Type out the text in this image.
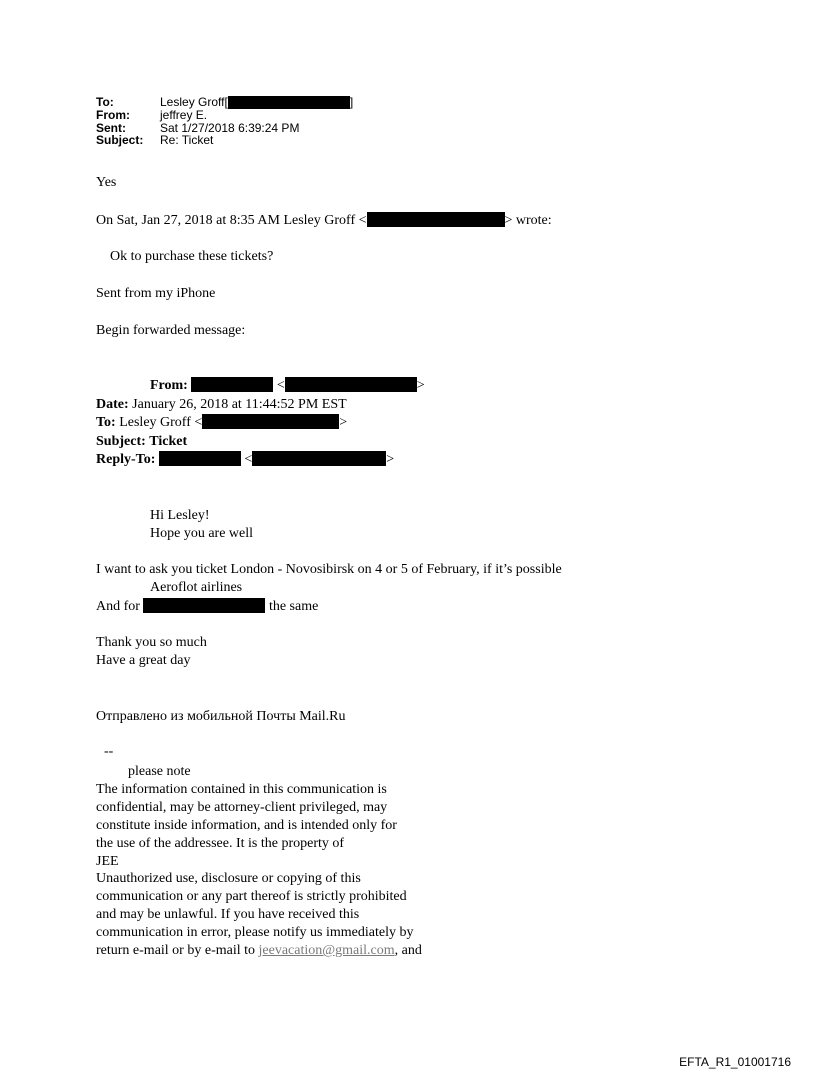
To:	Lesley Groff[	]
From:	jeffrey E.
Sent:	Sat 1/27/2018 6:39:24 PM
Subject:	Re: Ticket
Yes
On Sat, Jan 27, 2018 at 8:35 AM Lesley Groff <	> wrote:
Ok to purchase these tickets?
Sent from my iPhone
Begin forwarded message:
From:	<	>
Date: January 26, 2018 at 11:44:52 PM EST
To: Lesley Groff <	>
Subject: Ticket
Reply-To:	<	>
Hi Lesley!
Hope you are well
I want to ask you ticket London - Novosibirsk on 4 or 5 of February, if it’s possible
Aeroflot airlines
And for	the same
Thank you so much
Have a great day
Отправлено из мобильной Почты Mail.Ru
--
please note
The information contained in this communication is
confidential, may be attorney-client privileged, may
constitute inside information, and is intended only for
the use of the addressee. It is the property of
JEE
Unauthorized use, disclosure or copying of this
communication or any part thereof is strictly prohibited
and may be unlawful. If you have received this
communication in error, please notify us immediately by
return e-mail or by e-mail to jeevacation@gmail.com, and
EFTA_R1_01001716
